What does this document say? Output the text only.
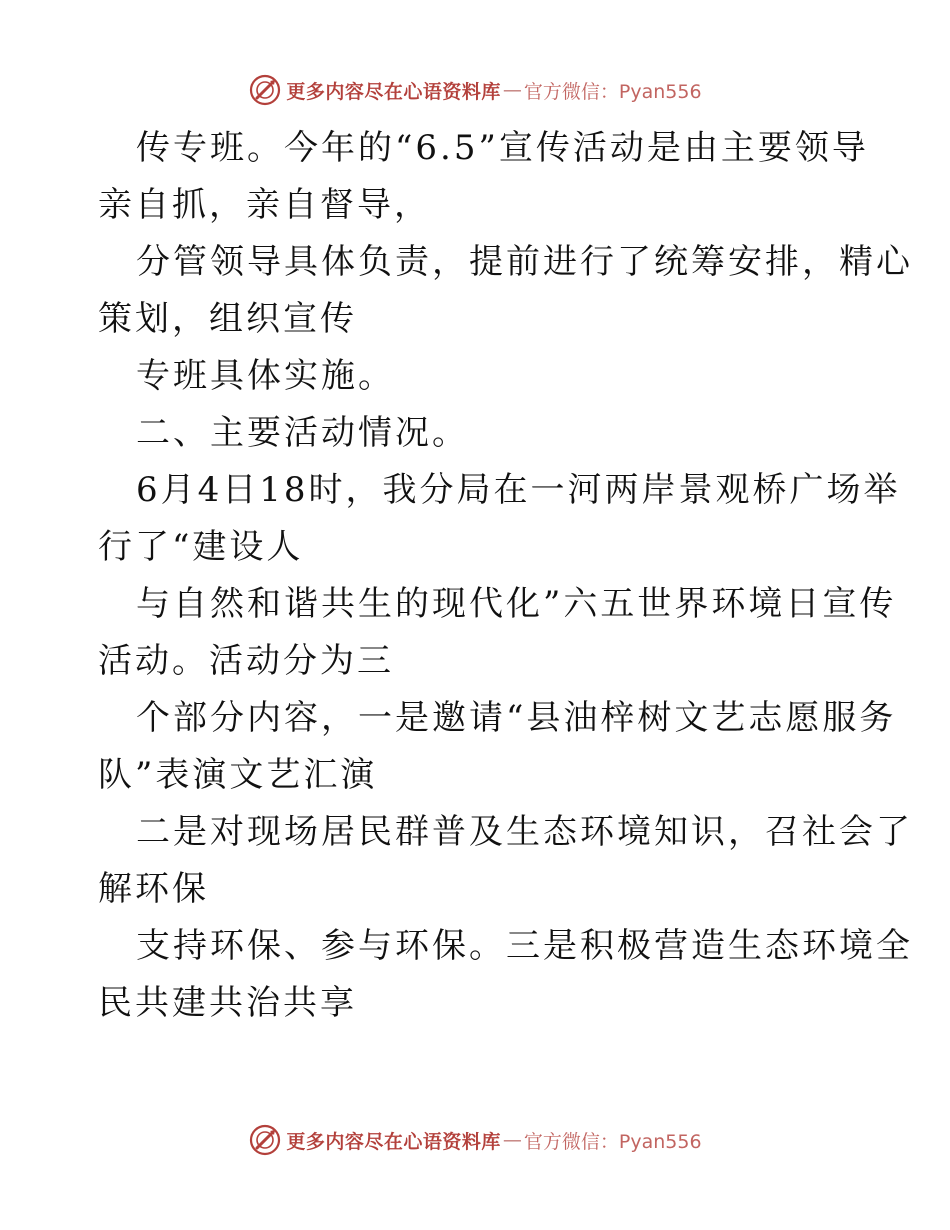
更多内容尽在心语资料库 — 官方微信：Pyan556
传专班。今年的“6.5”宣传活动是由主要领导
亲自抓，亲自督导，
分管领导具体负责，提前进行了统筹安排，精心
策划，组织宣传
专班具体实施。
二、主要活动情况。
6月4日18时，我分局在一河两岸景观桥广场举
行了“建设人
与自然和谐共生的现代化”六五世界环境日宣传
活动。活动分为三
个部分内容，一是邀请“县油梓树文艺志愿服务
队”表演文艺汇演
二是对现场居民群普及生态环境知识，召社会了
解环保
支持环保、参与环保。三是积极营造生态环境全
民共建共治共享
更多内容尽在心语资料库 — 官方微信：Pyan556
